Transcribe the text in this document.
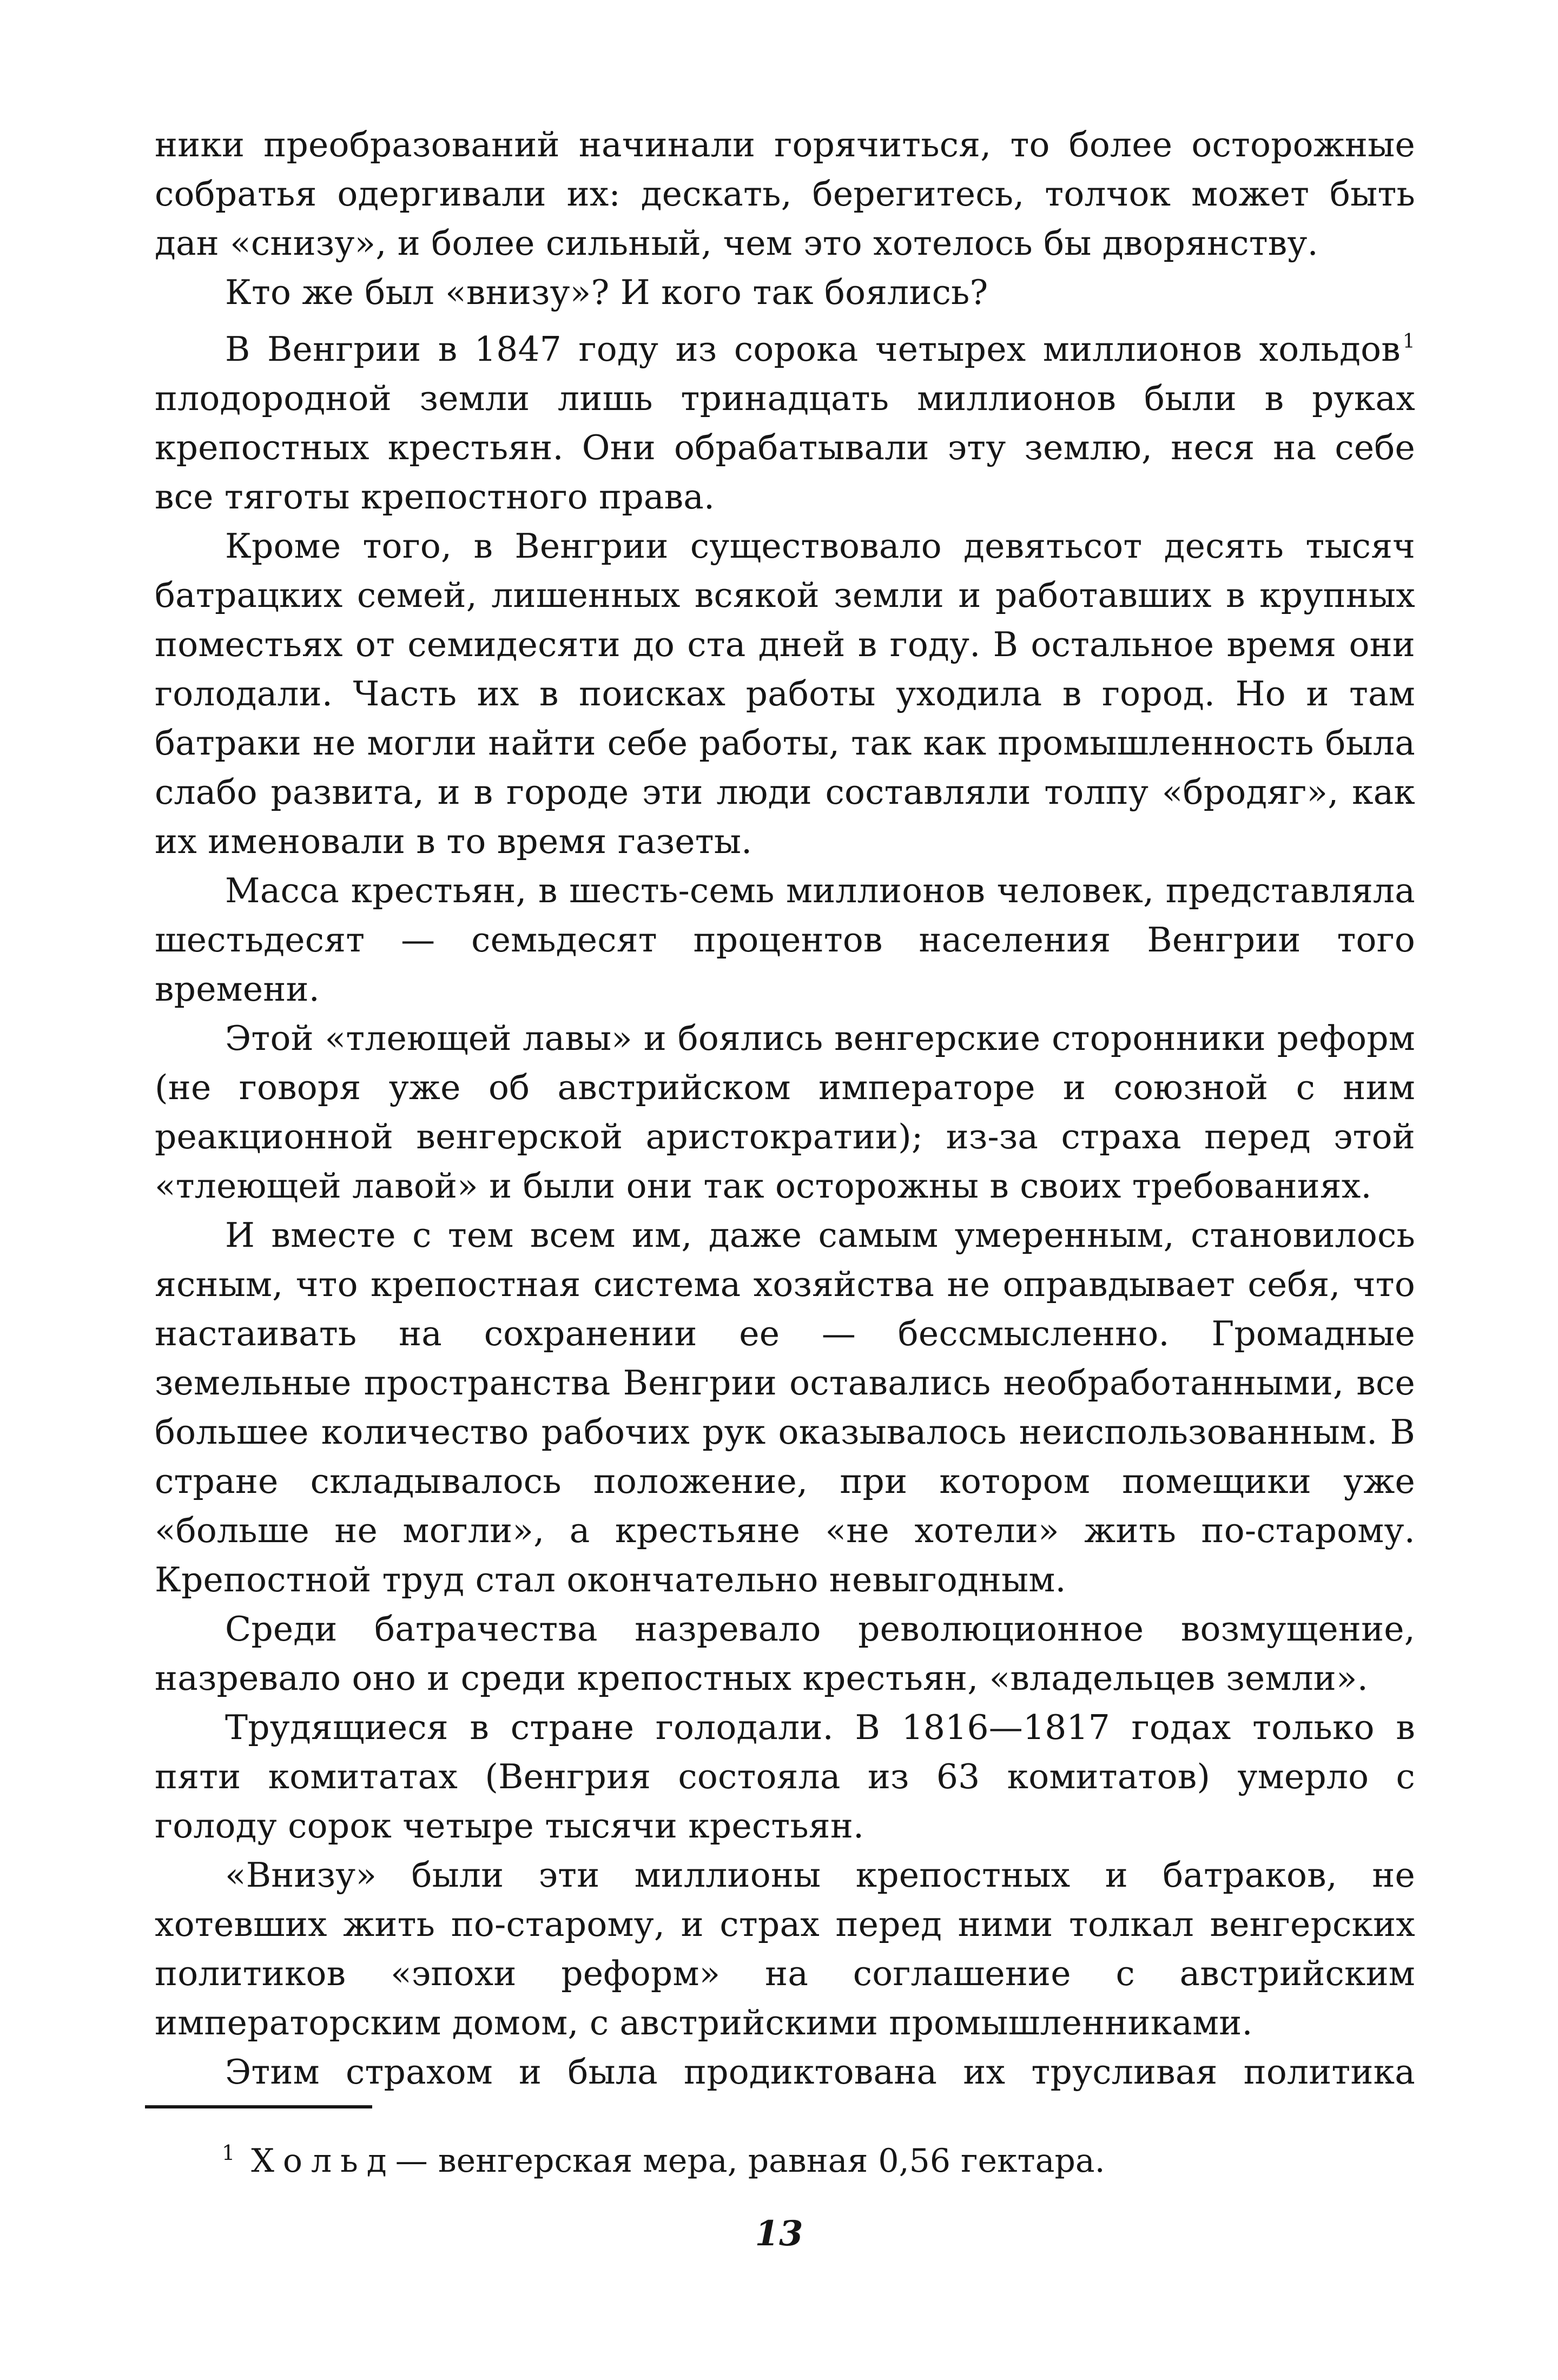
ники преобразований начинали горячиться, то более осторожные собратья одергивали их: дескать, берегитесь, толчок может быть дан «снизу», и более сильный, чем это хотелось бы дворянству.

Кто же был «внизу»? И кого так боялись?

В Венгрии в 1847 году из сорока четырех миллионов хольдов $^1$ плодородной земли лишь тринадцать миллионов были в руках крепостных крестьян. Они обрабатывали эту землю, неся на себе все тяготы крепостного права.

Кроме того, в Венгрии существовало девятьсот десять тысяч батрацких семей, лишенных всякой земли и работавших в крупных поместьях от семидесяти до ста дней в году. В остальное время они голодали. Часть их в поисках работы уходила в город. Но и там батраки не могли найти себе работы, так как промышленность была слабо развита, и в городе эти люди составляли толпу «бродяг», как их именовали в то время газеты.

Масса крестьян, в шесть-семь миллионов человек, представляла шестьдесят — семьдесят процентов населения Венгрии того времени.

Этой «тлеющей лавы» и боялись венгерские сторонники реформ (не говоря уже об австрийском императоре и союзной с ним реакционной венгерской аристократии); из-за страха перед этой «тлеющей лавой» и были они так осторожны в своих требованиях.

И вместе с тем всем им, даже самым умеренным, становилось ясным, что крепостная система хозяйства не оправдывает себя, что настаивать на сохранении ее — бессмысленно. Громадные земельные пространства Венгрии оставались необработанными, все большее количество рабочих рук оказывалось неиспользованным. В стране складывалось положение, при котором помещики уже «больше не могли», а крестьяне «не хотели» жить по-старому. Крепостной труд стал окончательно невыгодным.

Среди батрачества назревало революционное возмущение, назревало оно и среди крепостных крестьян, «владельцев земли».

Трудящиеся в стране голодали. В 1816—1817 годах только в пяти комитатах (Венгрия состояла из 63 комитатов) умерло с голоду сорок четыре тысячи крестьян.

«Внизу» были эти миллионы крепостных и батраков, не хотевших жить по-старому, и страх перед ними толкал венгерских политиков «эпохи реформ» на соглашение с австрийским императорским домом, с австрийскими промышленниками.

Этим страхом и была продиктована их трусливая политика

$^1$ Хольд— венгерская мера, равная 0,56 гектара.
13
